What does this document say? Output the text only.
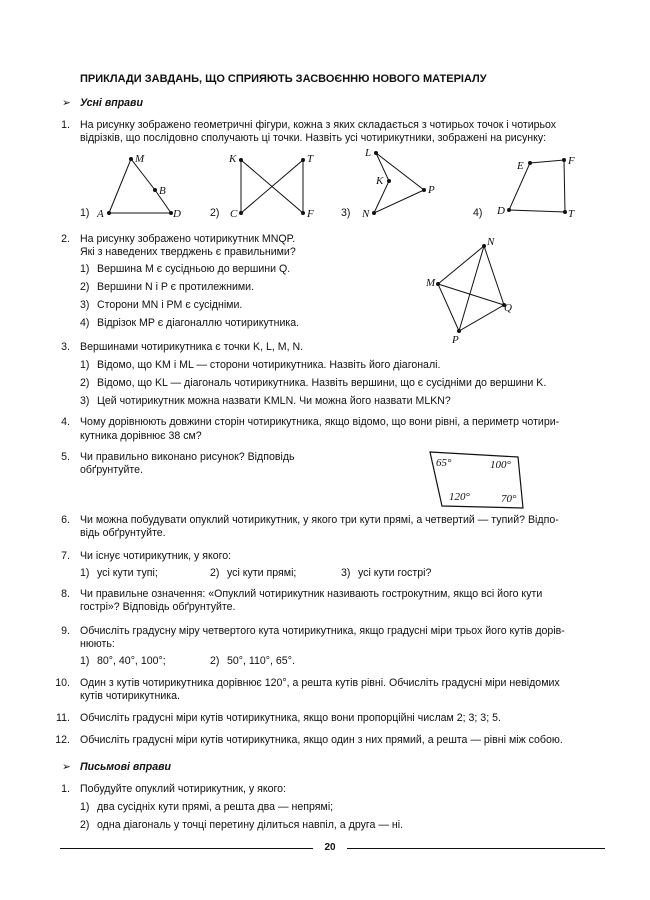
ПРИКЛАДИ ЗАВДАНЬ, ЩО СПРИЯЮТЬ ЗАСВОЄННЮ НОВОГО МАТЕРІАЛУ
➢ Усні вправи
1. На рисунку зображено геометричні фігури, кожна з яких складається з чотирьох точок і чотирьох
відрізків, що послідовно сполучають ці точки. Назвіть усі чотирикутники, зображені на рисунку:
1)	2)	3)	4)
A
M
B
D
K	T
C	F
L
K
N
P
E	F
D	T
2. На рисунку зображено чотирикутник MNQP.
Які з наведених тверджень є правильними?
1) Вершина M є сусідньою до вершини Q.
2) Вершини N і P є протилежними.
3) Сторони MN і PM є сусідніми.
4) Відрізок MP є діагоналлю чотирикутника.
N
M
Q
P
3. Вершинами чотирикутника є точки K, L, M, N.
1) Відомо, що KM і ML — сторони чотирикутника. Назвіть його діагоналі.
2) Відомо, що KL — діагональ чотирикутника. Назвіть вершини, що є сусідніми до вершини K.
3) Цей чотирикутник можна назвати KMLN. Чи можна його назвати MLKN?
4. Чому дорівнюють довжини сторін чотирикутника, якщо відомо, що вони рівні, а периметр чотири-
кутника дорівнює 38 см?
5. Чи правильно виконано рисунок? Відповідь
обґрунтуйте.
65°	100°
120°	70°
6. Чи можна побудувати опуклий чотирикутник, у якого три кути прямі, а четвертий — тупий? Відпо-
відь обґрунтуйте.
7. Чи існує чотирикутник, у якого:
1) усі кути тупі;	2) усі кути прямі;	3) усі кути гострі?
8. Чи правильне означення: «Опуклий чотирикутник називають гострокутним, якщо всі його кути
гострі»? Відповідь обґрунтуйте.
9. Обчисліть градусну міру четвертого кута чотирикутника, якщо градусні міри трьох його кутів дорів-
нюють:
1) 80°, 40°, 100°;	2) 50°, 110°, 65°.
10. Один з кутів чотирикутника дорівнює 120°, а решта кутів рівні. Обчисліть градусні міри невідомих
кутів чотирикутника.
11. Обчисліть градусні міри кутів чотирикутника, якщо вони пропорційні числам 2; 3; 3; 5.
12. Обчисліть градусні міри кутів чотирикутника, якщо один з них прямий, а решта — рівні між собою.
➢ Письмові вправи
1. Побудуйте опуклий чотирикутник, у якого:
1) два сусідніх кути прямі, а решта два — непрямі;
2) одна діагональ у точці перетину ділиться навпіл, а друга — ні.
20
